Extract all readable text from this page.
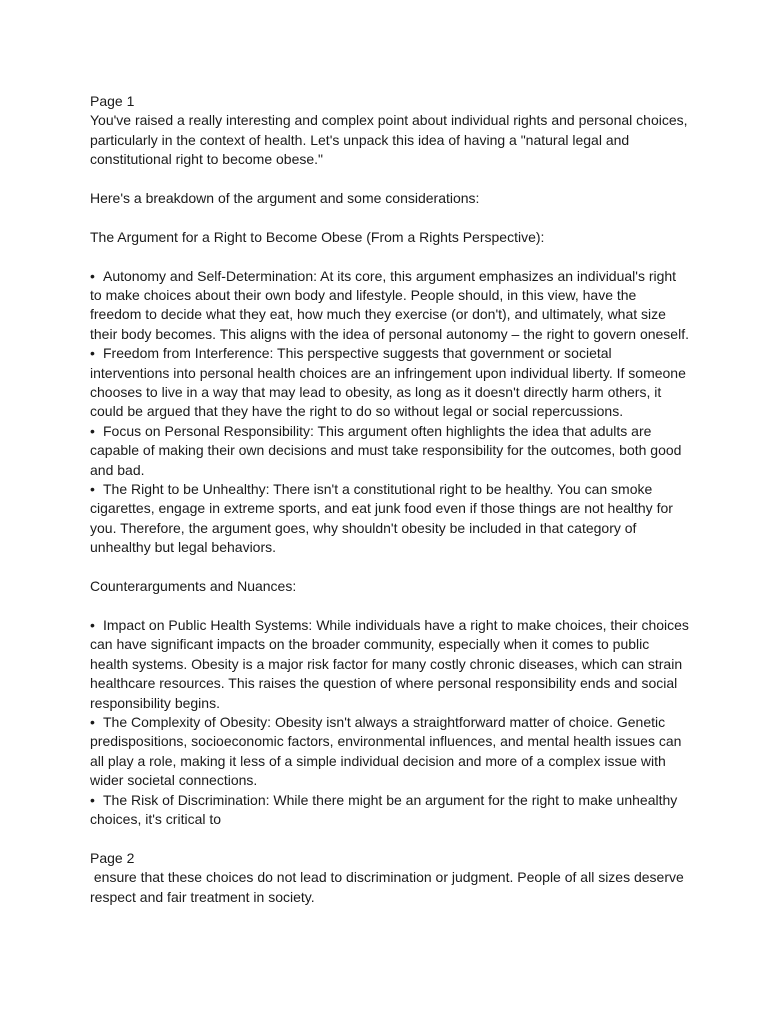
Page 1

You've raised a really interesting and complex point about individual rights and personal choices, particularly in the context of health. Let's unpack this idea of having a "natural legal and constitutional right to become obese."

Here's a breakdown of the argument and some considerations:

The Argument for a Right to Become Obese (From a Rights Perspective):

• Autonomy and Self-Determination: At its core, this argument emphasizes an individual's right to make choices about their own body and lifestyle. People should, in this view, have the freedom to decide what they eat, how much they exercise (or don't), and ultimately, what size their body becomes. This aligns with the idea of personal autonomy – the right to govern oneself.

• Freedom from Interference: This perspective suggests that government or societal interventions into personal health choices are an infringement upon individual liberty. If someone chooses to live in a way that may lead to obesity, as long as it doesn't directly harm others, it could be argued that they have the right to do so without legal or social repercussions.

• Focus on Personal Responsibility: This argument often highlights the idea that adults are capable of making their own decisions and must take responsibility for the outcomes, both good and bad.

• The Right to be Unhealthy: There isn't a constitutional right to be healthy. You can smoke cigarettes, engage in extreme sports, and eat junk food even if those things are not healthy for you. Therefore, the argument goes, why shouldn't obesity be included in that category of unhealthy but legal behaviors.

Counterarguments and Nuances:

• Impact on Public Health Systems: While individuals have a right to make choices, their choices can have significant impacts on the broader community, especially when it comes to public health systems. Obesity is a major risk factor for many costly chronic diseases, which can strain healthcare resources. This raises the question of where personal responsibility ends and social responsibility begins.

• The Complexity of Obesity: Obesity isn't always a straightforward matter of choice. Genetic predispositions, socioeconomic factors, environmental influences, and mental health issues can all play a role, making it less of a simple individual decision and more of a complex issue with wider societal connections.

• The Risk of Discrimination: While there might be an argument for the right to make unhealthy choices, it's critical to

Page 2

ensure that these choices do not lead to discrimination or judgment. People of all sizes deserve respect and fair treatment in society.
